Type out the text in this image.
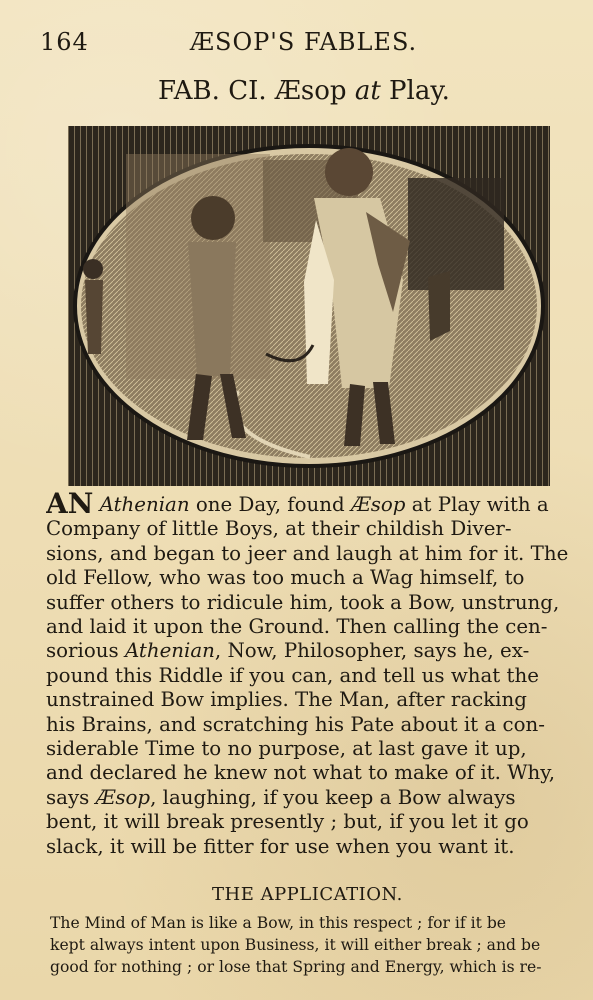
164	ÆSOP'S FABLES.
FAB. CI. Æsop at Play.
AN Athenian one Day, found Æsop at Play with a
Company of little Boys, at their childish Diver-
sions, and began to jeer and laugh at him for it. The
old Fellow, who was too much a Wag himself, to
suffer others to ridicule him, took a Bow, unstrung,
and laid it upon the Ground. Then calling the cen-
sorious Athenian, Now, Philosopher, says he, ex-
pound this Riddle if you can, and tell us what the
unstrained Bow implies. The Man, after racking
his Brains, and scratching his Pate about it a con-
siderable Time to no purpose, at last gave it up,
and declared he knew not what to make of it. Why,
says Æsop, laughing, if you keep a Bow always
bent, it will break presently ; but, if you let it go
slack, it will be fitter for use when you want it.
THE APPLICATION.
The Mind of Man is like a Bow, in this respect ; for if it be
kept always intent upon Business, it will either break ; and be
good for nothing ; or lose that Spring and Energy, which is re-
